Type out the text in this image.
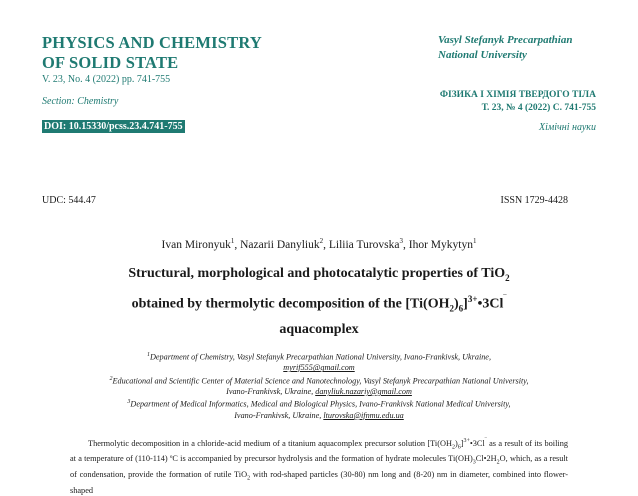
PHYSICS AND CHEMISTRY
OF SOLID STATE
V. 23, No. 4 (2022) pp. 741-755
Section: Chemistry
DOI: 10.15330/pcss.23.4.741-755
Vasyl Stefanyk Precarpathian
National University
ФІЗИКА І ХІМІЯ ТВЕРДОГО ТІЛА
Т. 23, № 4 (2022) С. 741-755
Хімічні науки
UDC: 544.47	ISSN 1729-4428
Ivan Mironyuk$^1$, Nazarii Danyliuk$^2$, Liliia Turovska$^3$, Ihor Mykytyn$^1$
Structural, morphological and photocatalytic properties of TiO$_2$
obtained by thermolytic decomposition of the $[Ti(OH_2)_6]^{3+}•3Cl^‾$
aquacomplex
$^1$Department of Chemistry, Vasyl Stefanyk Precarpathian National University, Ivano-Frankivsk, Ukraine,
myrif555@gmail.com
$^2$Educational and Scientific Center of Material Science and Nanotechnology, Vasyl Stefanyk Precarpathian National University,
Ivano-Frankivsk, Ukraine, danyliuk.nazariy@gmail.com
$^3$Department of Medical Informatics, Medical and Biological Physics, Ivano-Frankivsk National Medical University,
Ivano-Frankivsk, Ukraine, lturovska@ifnmu.edu.ua

Thermolytic decomposition in a chloride-acid medium of a titanium aquacomplex precursor solution $[Ti(OH_2)_6]^{3+}•3Cl^‾$ as a result of its boiling at a temperature of (110-114) ºC is accompanied by precursor hydrolysis and the formation of hydrate molecules $Ti(OH)_3Cl•2H_2O$, which, as a result of condensation, provide the formation of rutile TiO$_2$ with rod-shaped particles (30-80) nm long and (8-20) nm in diameter, combined into flower-shaped
